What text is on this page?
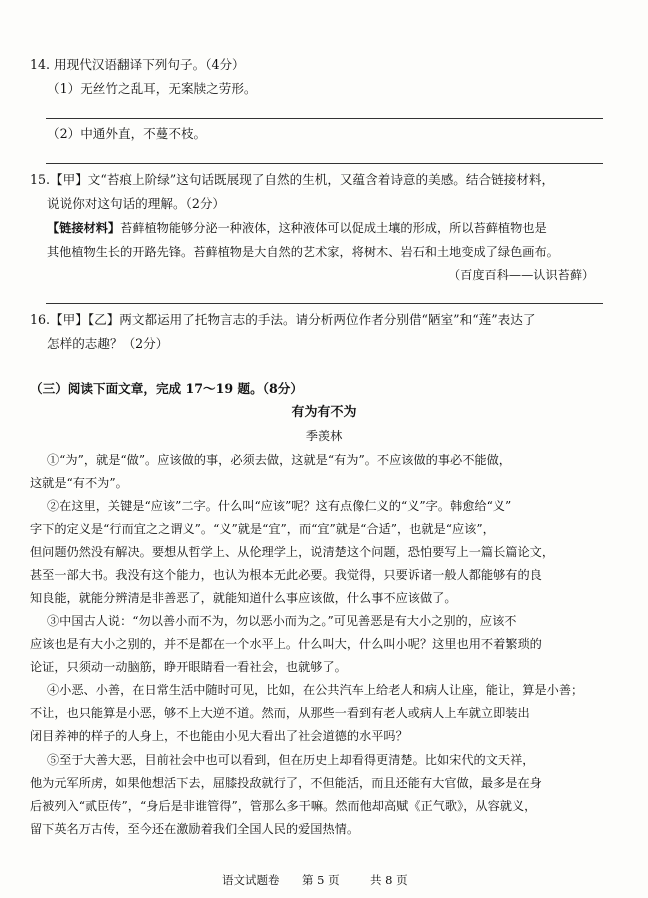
14. 用现代汉语翻译下列句子。（4分）
（1）无丝竹之乱耳，无案牍之劳形。
（2）中通外直，不蔓不枝。
15.【甲】文“苔痕上阶绿”这句话既展现了自然的生机，又蕴含着诗意的美感。结合链接材料，
说说你对这句话的理解。（2分）
【链接材料】苔藓植物能够分泌一种液体，这种液体可以促成土壤的形成，所以苔藓植物也是
其他植物生长的开路先锋。苔藓植物是大自然的艺术家，将树木、岩石和土地变成了绿色画布。
（百度百科——认识苔藓）
16.【甲】【乙】两文都运用了托物言志的手法。请分析两位作者分别借“陋室”和“莲”表达了
怎样的志趣？（2分）
（三）阅读下面文章，完成 17～19 题。（8分）
有为有不为
季羡林
①“为”，就是“做”。应该做的事，必须去做，这就是“有为”。不应该做的事必不能做，
这就是“有不为”。
②在这里，关键是“应该”二字。什么叫“应该”呢？这有点像仁义的“义”字。韩愈给“义”
字下的定义是“行而宜之之谓义”。“义”就是“宜”，而“宜”就是“合适”，也就是“应该”，
但问题仍然没有解决。要想从哲学上、从伦理学上，说清楚这个问题，恐怕要写上一篇长篇论文，
甚至一部大书。我没有这个能力，也认为根本无此必要。我觉得，只要诉诸一般人都能够有的良
知良能，就能分辨清是非善恶了，就能知道什么事应该做，什么事不应该做了。
③中国古人说：“勿以善小而不为，勿以恶小而为之。”可见善恶是有大小之别的，应该不
应该也是有大小之别的，并不是都在一个水平上。什么叫大，什么叫小呢？这里也用不着繁琐的
论证，只须动一动脑筋，睁开眼睛看一看社会，也就够了。
④小恶、小善，在日常生活中随时可见，比如，在公共汽车上给老人和病人让座，能让，算是小善；
不让，也只能算是小恶，够不上大逆不道。然而，从那些一看到有老人或病人上车就立即装出
闭目养神的样子的人身上，不也能由小见大看出了社会道德的水平吗？
⑤至于大善大恶，目前社会中也可以看到，但在历史上却看得更清楚。比如宋代的文天祥，
他为元军所虏，如果他想活下去，屈膝投敌就行了，不但能活，而且还能有大官做，最多是在身
后被列入“贰臣传”，“身后是非谁管得”，管那么多干嘛。然而他却高赋《正气歌》，从容就义，
留下英名万古传，至今还在激励着我们全国人民的爱国热情。
语文试题卷 第 5 页	共 8 页
